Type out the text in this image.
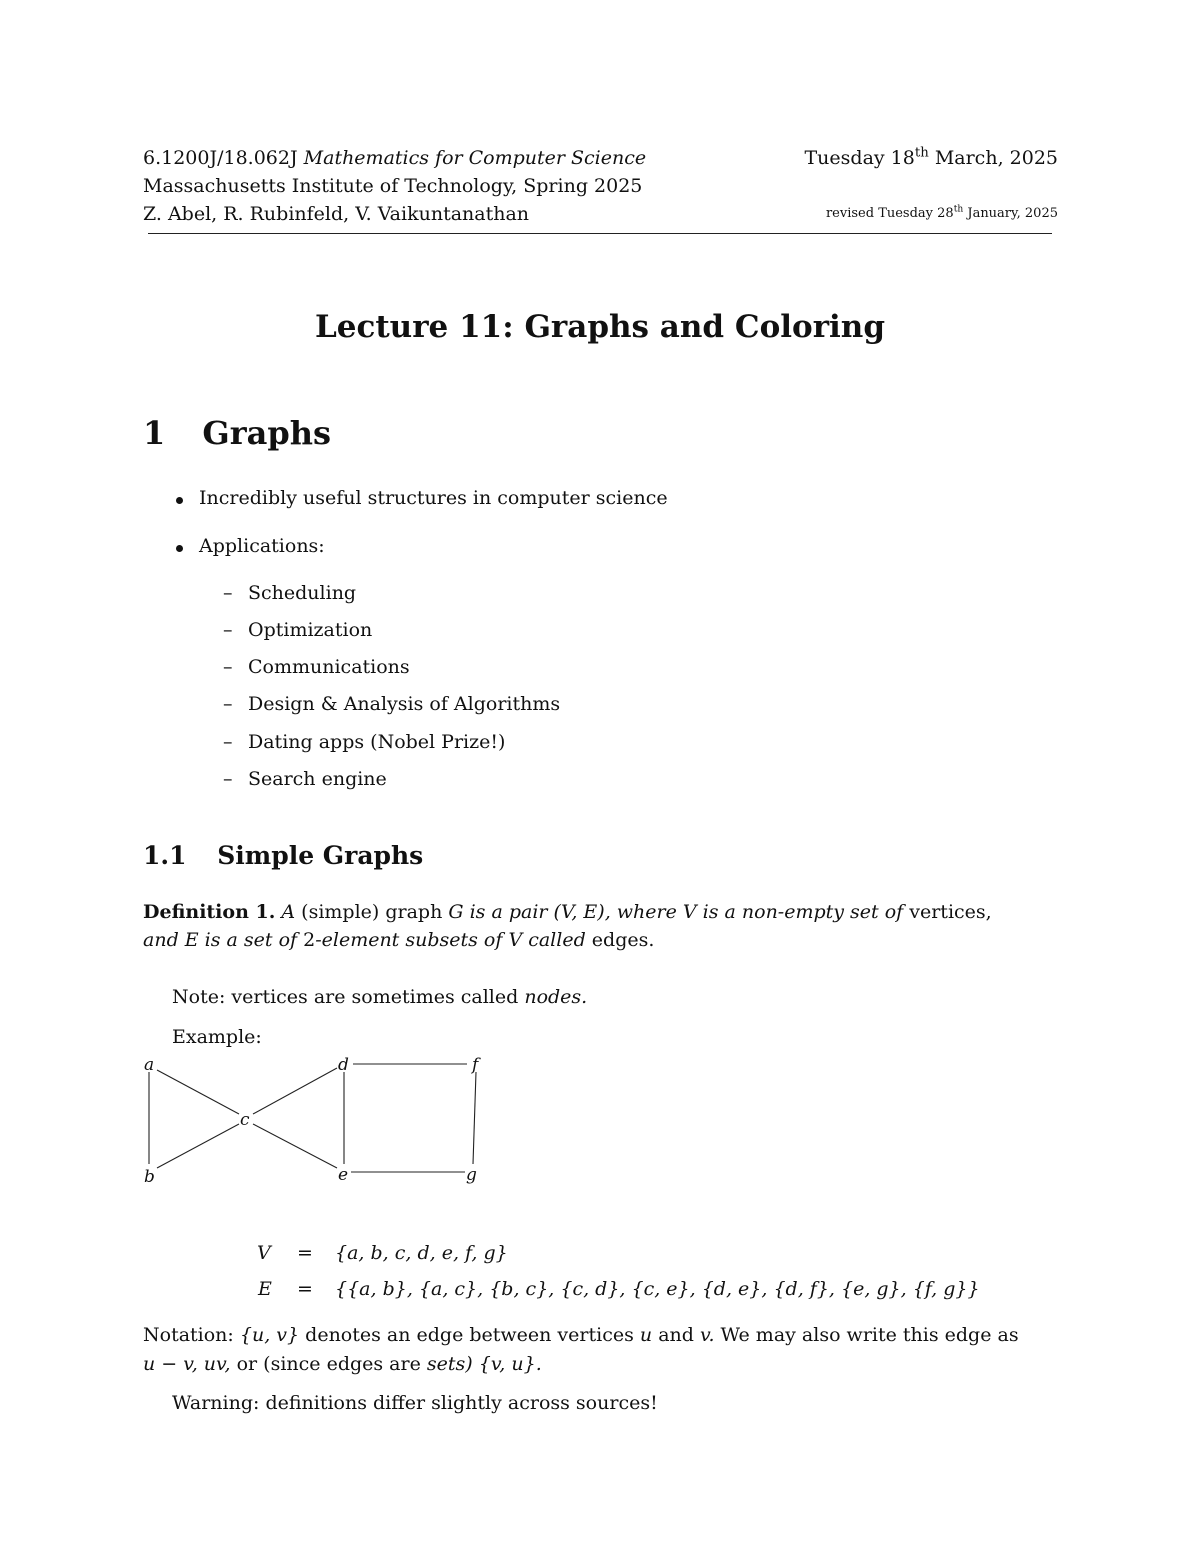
6.1200J/18.062J Mathematics for Computer Science	Tuesday 18th March, 2025
Massachusetts Institute of Technology, Spring 2025
Z. Abel, R. Rubinfeld, V. Vaikuntanathan	revised Tuesday 28th January, 2025
Lecture 11: Graphs and Coloring
1 Graphs
Incredibly useful structures in computer science
Applications:
– Scheduling
– Optimization
– Communications
– Design & Analysis of Algorithms
– Dating apps (Nobel Prize!)
– Search engine
1.1 Simple Graphs
Definition 1. A (simple) graph G is a pair (V, E), where V is a non-empty set of vertices,
and E is a set of 2-element subsets of V called edges.
Note: vertices are sometimes called nodes.
Example:
a
b
c
d
e
f
g
V = {a, b, c, d, e, f, g}
E = {{a, b}, {a, c}, {b, c}, {c, d}, {c, e}, {d, e}, {d, f}, {e, g}, {f, g}}
Notation: {u, v} denotes an edge between vertices u and v. We may also write this edge as
u − v, uv, or (since edges are sets) {v, u}.
Warning: definitions differ slightly across sources!
